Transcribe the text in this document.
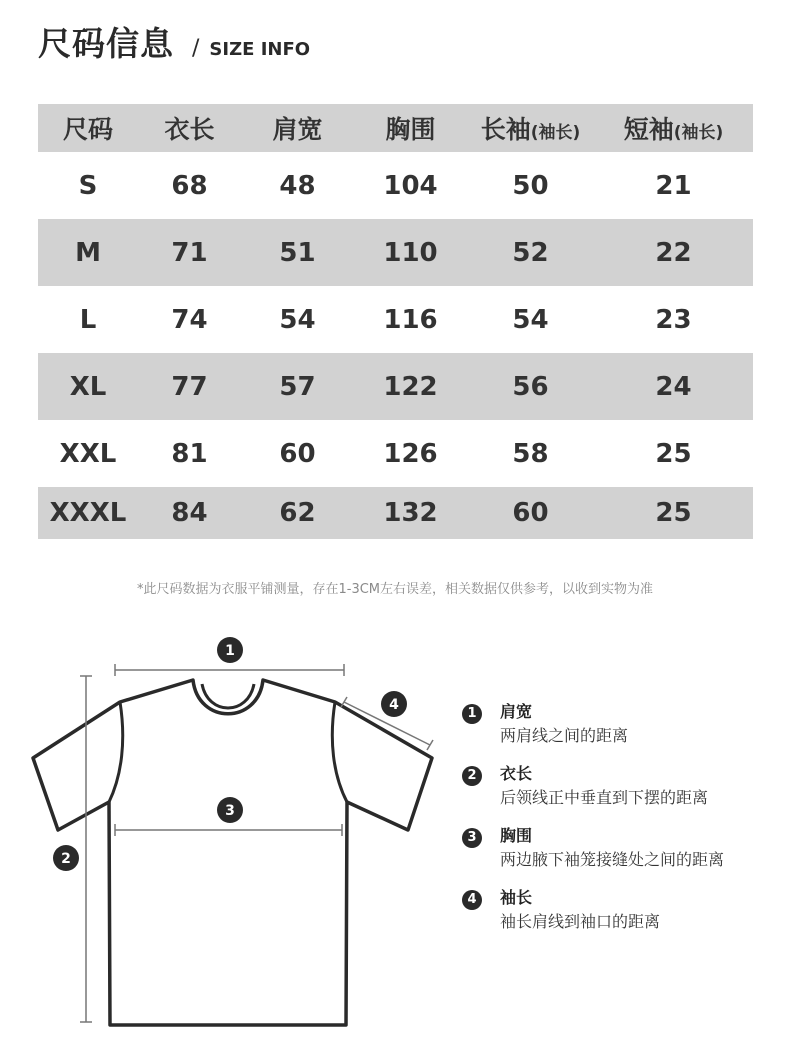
尺码信息 / SIZE INFO
尺码	衣长	肩宽	胸围	长袖(袖长)	短袖(袖长)
S	68	48	104	50	21
M	71	51	110	52	22
L	74	54	116	54	23
XL	77	57	122	56	24
XXL	81	60	126	58	25
XXXL	84	62	132	60	25
*此尺码数据为衣服平铺测量，存在1-3CM左右误差，相关数据仅供参考，以收到实物为准
1
2
3
4
1	肩宽
两肩线之间的距离
2	衣长
后领线正中垂直到下摆的距离
3	胸围
两边腋下袖笼接缝处之间的距离
4	袖长
袖长肩线到袖口的距离
